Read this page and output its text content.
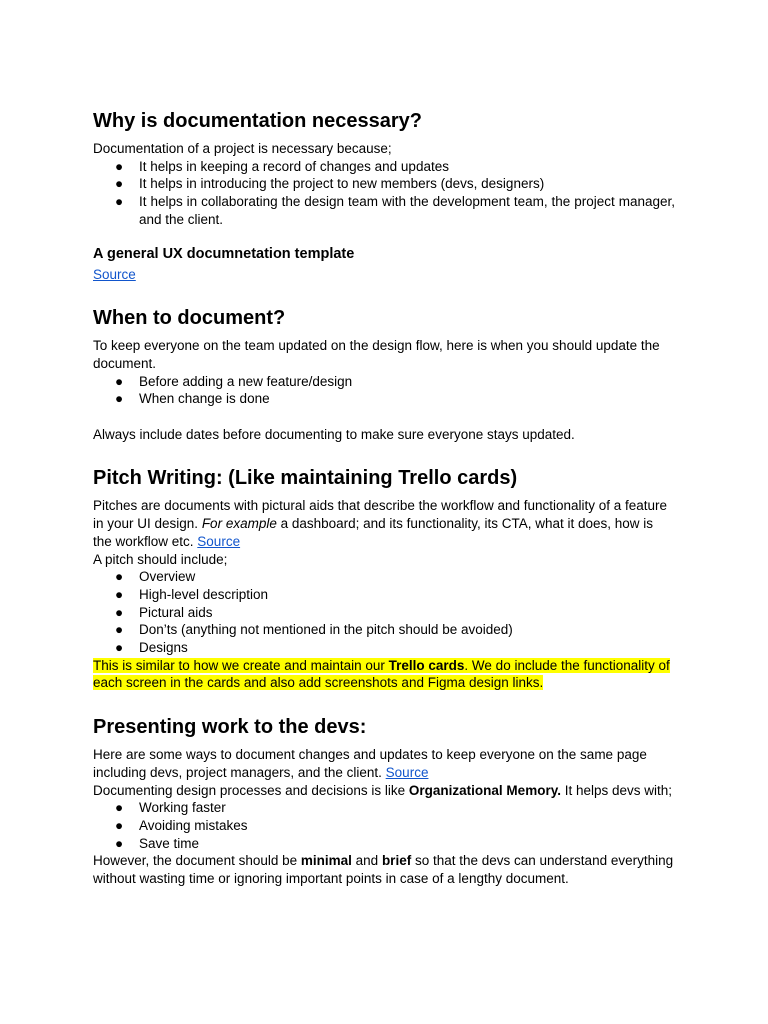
Why is documentation necessary?

Documentation of a project is necessary because;

● It helps in keeping a record of changes and updates
● It helps in introducing the project to new members (devs, designers)
● It helps in collaborating the design team with the development team, the project manager, and the client.
A general UX documnetation template

Source

When to document?

To keep everyone on the team updated on the design flow, here is when you should update the document.

● Before adding a new feature/design
● When change is done

Always include dates before documenting to make sure everyone stays updated.

Pitch Writing: (Like maintaining Trello cards)

Pitches are documents with pictural aids that describe the workflow and functionality of a feature in your UI design. For example a dashboard; and its functionality, its CTA, what it does, how is the workflow etc. Source

A pitch should include;

● Overview
● High-level description
● Pictural aids
● Don’ts (anything not mentioned in the pitch should be avoided)
● Designs

This is similar to how we create and maintain our Trello cards. We do include the functionality of each screen in the cards and also add screenshots and Figma design links.

Presenting work to the devs:

Here are some ways to document changes and updates to keep everyone on the same page including devs, project managers, and the client. Source

Documenting design processes and decisions is like Organizational Memory. It helps devs with;

● Working faster
● Avoiding mistakes
● Save time

However, the document should be minimal and brief so that the devs can understand everything without wasting time or ignoring important points in case of a lengthy document.
